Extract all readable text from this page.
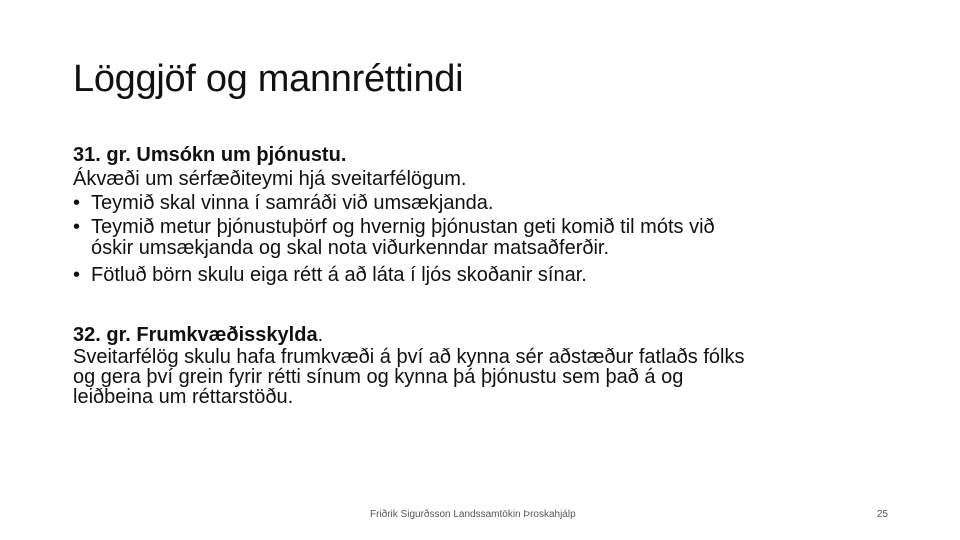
Löggjöf og mannréttindi
31. gr. Umsókn um þjónustu.
Ákvæði um sérfæðiteymi hjá sveitarfélögum.
• Teymið skal vinna í samráði við umsækjanda.
• Teymið metur þjónustuþörf og hvernig þjónustan geti komið til móts við
óskir umsækjanda og skal nota viðurkenndar matsaðferðir.
• Fötluð börn skulu eiga rétt á að láta í ljós skoðanir sínar.
32. gr. Frumkvæðisskylda.
Sveitarfélög skulu hafa frumkvæði á því að kynna sér aðstæður fatlaðs fólks
og gera því grein fyrir rétti sínum og kynna þá þjónustu sem það á og
leiðbeina um réttarstöðu.
Friðrik Sigurðsson Landssamtökin Þroskahjálp	25
